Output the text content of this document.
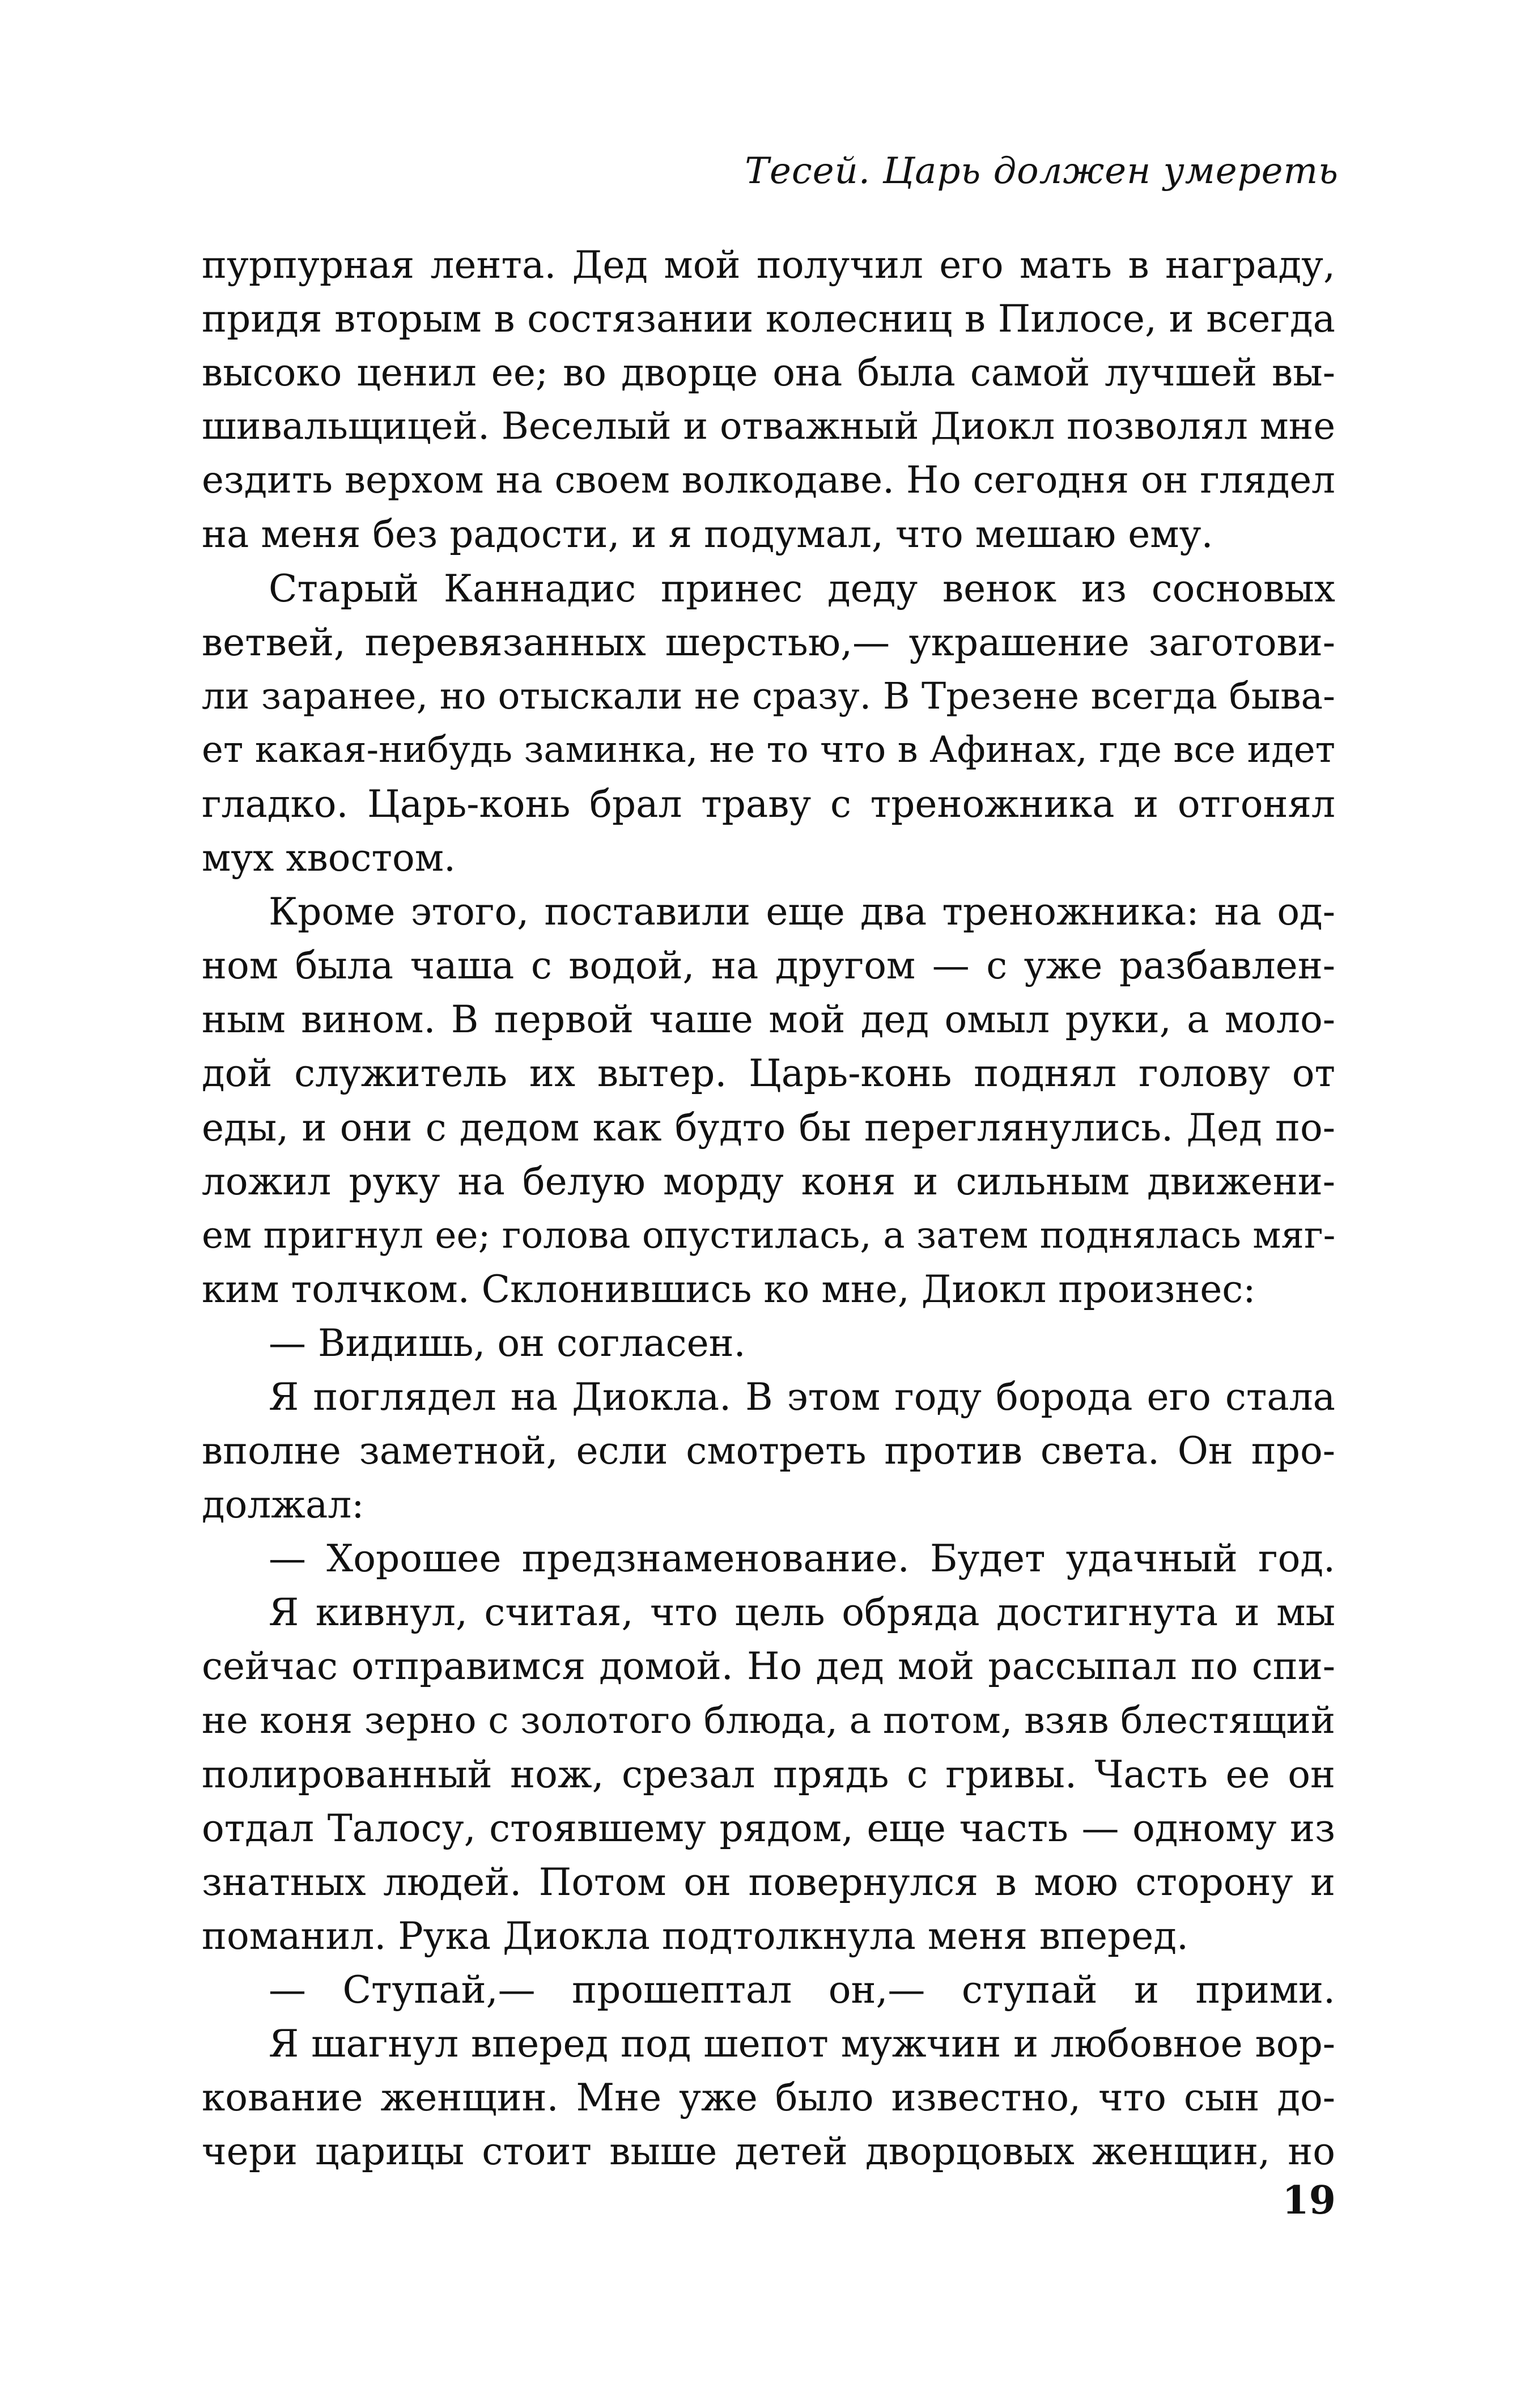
Тесей. Царь должен умереть
пурпурная лента. Дед мой получил его мать в награду,
придя вторым в состязании колесниц в Пилосе, и всегда
высоко ценил ее; во дворце она была самой лучшей вы-
шивальщицей. Веселый и отважный Диокл позволял мне
ездить верхом на своем волкодаве. Но сегодня он глядел
на меня без радости, и я подумал, что мешаю ему.
Старый Каннадис принес деду венок из сосновых
ветвей, перевязанных шерстью,— украшение заготови-
ли заранее, но отыскали не сразу. В Трезене всегда быва-
ет какая-нибудь заминка, не то что в Афинах, где все идет
гладко. Царь-конь брал траву с треножника и отгонял
мух хвостом.
Кроме этого, поставили еще два треножника: на од-
ном была чаша с водой, на другом — с уже разбавлен-
ным вином. В первой чаше мой дед омыл руки, а моло-
дой служитель их вытер. Царь-конь поднял голову от
еды, и они с дедом как будто бы переглянулись. Дед по-
ложил руку на белую морду коня и сильным движени-
ем пригнул ее; голова опустилась, а затем поднялась мяг-
ким толчком. Склонившись ко мне, Диокл произнес:
— Видишь, он согласен.
Я поглядел на Диокла. В этом году борода его стала
вполне заметной, если смотреть против света. Он про-
должал:
— Хорошее предзнаменование. Будет удачный год.
Я кивнул, считая, что цель обряда достигнута и мы
сейчас отправимся домой. Но дед мой рассыпал по спи-
не коня зерно с золотого блюда, а потом, взяв блестящий
полированный нож, срезал прядь с гривы. Часть ее он
отдал Талосу, стоявшему рядом, еще часть — одному из
знатных людей. Потом он повернулся в мою сторону и
поманил. Рука Диокла подтолкнула меня вперед.
— Ступай,— прошептал он,— ступай и прими.
Я шагнул вперед под шепот мужчин и любовное вор-
кование женщин. Мне уже было известно, что сын до-
чери царицы стоит выше детей дворцовых женщин, но
19
